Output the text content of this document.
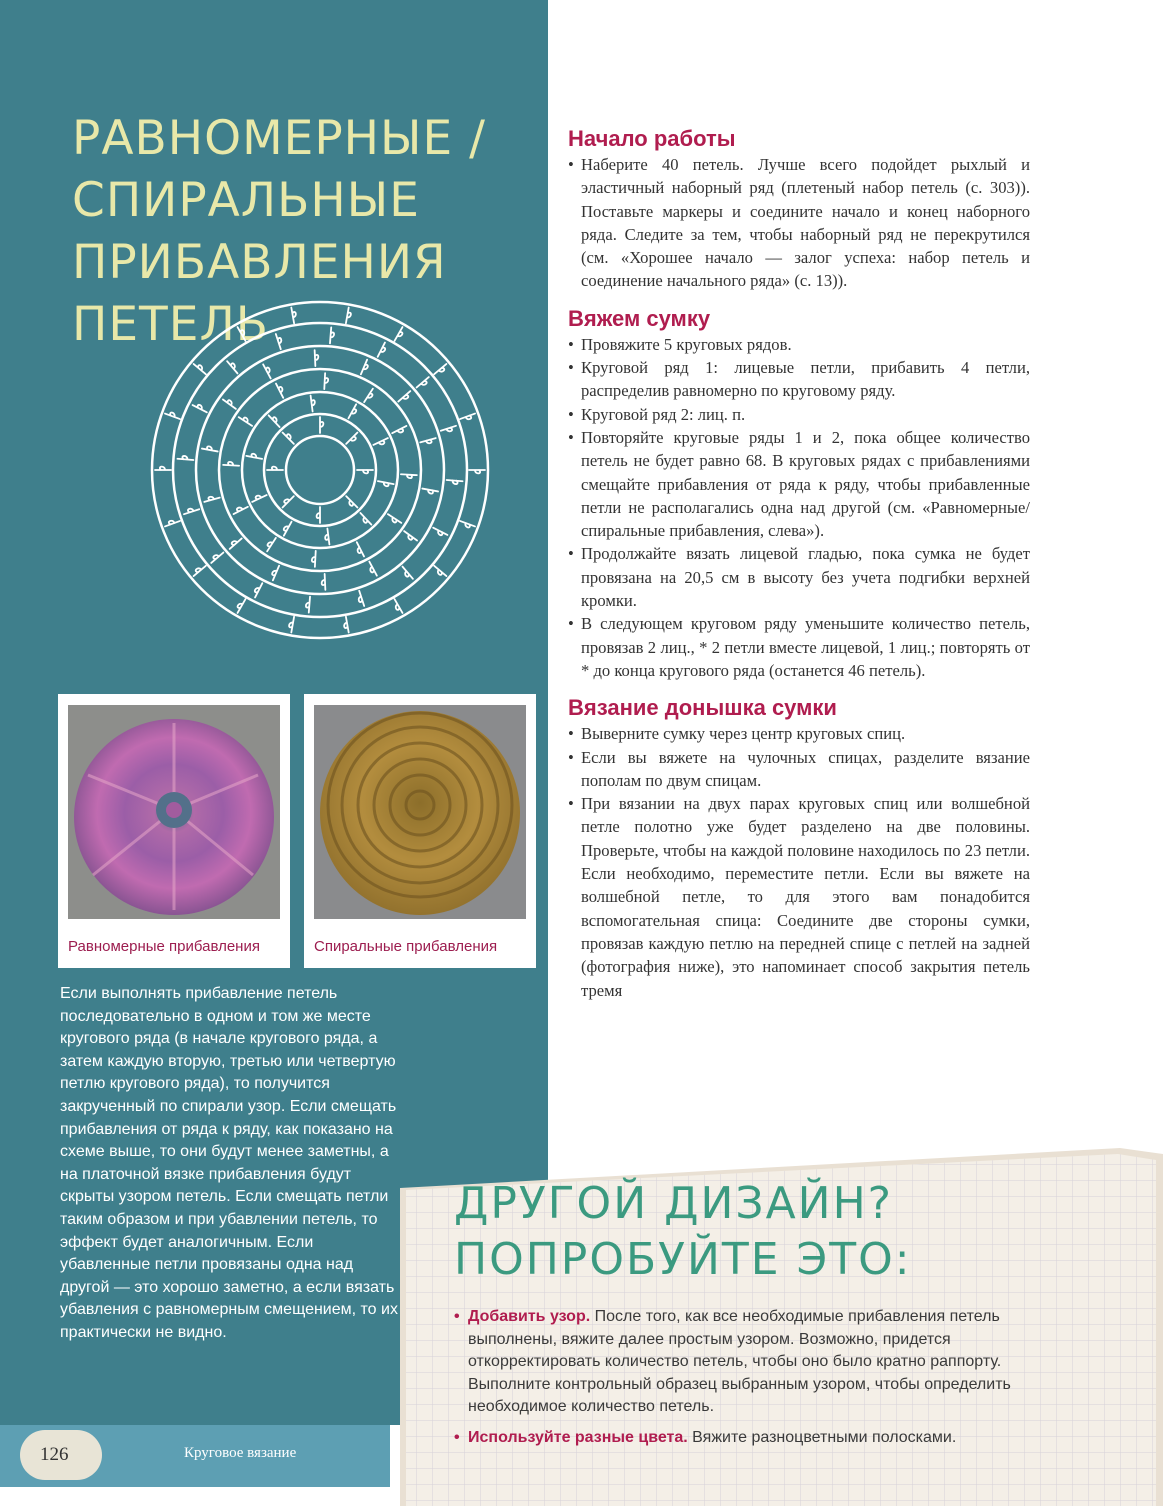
РАВНОМЕРНЫЕ /
СПИРАЛЬНЫЕ
ПРИБАВЛЕНИЯ ПЕТЕЛЬ
Равномерные прибавления	Спиральные прибавления

Если выполнять прибавление петель последовательно в одном и том же месте кругового ряда (в начале кругового ряда, а затем каждую вторую, третью или четвертую петлю кругового ряда), то получится закрученный по спирали узор. Если смещать прибавления от ряда к ряду, как показано на схеме выше, то они будут менее заметны, а на платочной вязке прибавления будут скрыты узором петель. Если смещать петли таким образом и при убавлении петель, то эффект будет аналогичным. Если убавленные петли провязаны одна над другой — это хорошо заметно, а если вязать убавления с равномерным смещением, то их практически не видно.

Начало работы
• Наберите 40 петель. Лучше всего подойдет рыхлый и эластичный наборный ряд (плетеный набор петель (с. 303)). Поставьте маркеры и соедините начало и конец наборного ряда. Следите за тем, чтобы наборный ряд не перекрутился (см. «Хорошее начало — залог успеха: набор петель и соединение начального ряда» (с. 13)).
Вяжем сумку
• Провяжите 5 круговых рядов.
• Круговой ряд 1: лицевые петли, прибавить 4 петли, распределив равномерно по круговому ряду.
• Круговой ряд 2: лиц. п.
• Повторяйте круговые ряды 1 и 2, пока общее количество петель не будет равно 68. В круговых рядах с прибавлениями смещайте прибавления от ряда к ряду, чтобы прибавленные петли не располагались одна над другой (см. «Равномерные/спиральные прибавления, слева»).
• Продолжайте вязать лицевой гладью, пока сумка не будет провязана на 20,5 см в высоту без учета подгибки верхней кромки.
• В следующем круговом ряду уменьшите количество петель, провязав 2 лиц., * 2 петли вместе лицевой, 1 лиц.; повторять от * до конца кругового ряда (останется 46 петель).
Вязание донышка сумки
• Выверните сумку через центр круговых спиц.
• Если вы вяжете на чулочных спицах, разделите вязание пополам по двум спицам.
• При вязании на двух парах круговых спиц или волшебной петле полотно уже будет разделено на две половины. Проверьте, чтобы на каждой половине находилось по 23 петли. Если необходимо, переместите петли. Если вы вяжете на волшебной петле, то для этого вам понадобится вспомогательная спица: Соедините две стороны сумки, провязав каждую петлю на передней спице с петлей на задней (фотография ниже), это напоминает способ закрытия петель тремя
ДРУГОЙ ДИЗАЙН?
ПОПРОБУЙТЕ ЭТО:
• Добавить узор. После того, как все необходимые прибавления петель выполнены, вяжите далее простым узором. Возможно, придется откорректировать количество петель, чтобы оно было кратно раппорту. Выполните контрольный образец выбранным узором, чтобы определить необходимое количество петель.
• Используйте разные цвета. Вяжите разноцветными полосками.
126	Круговое вязание
